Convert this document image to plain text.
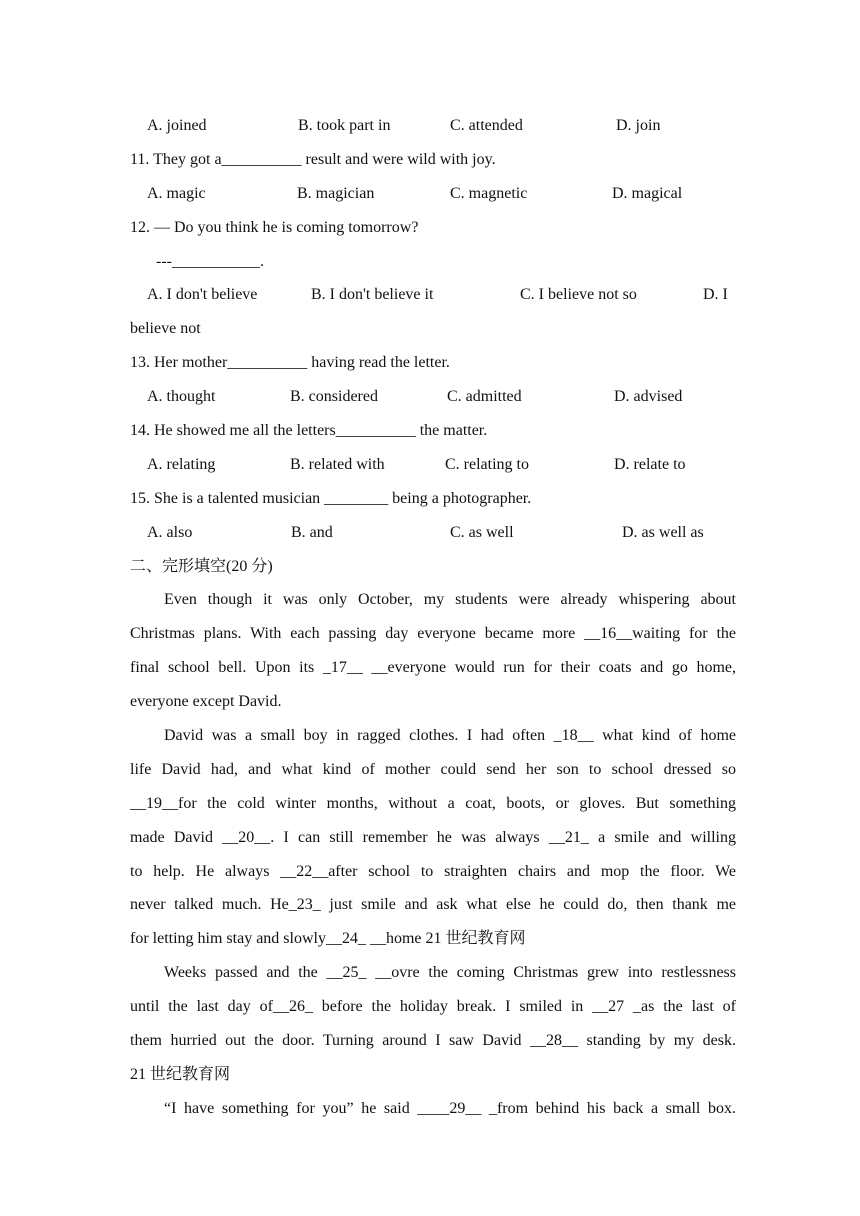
A. joined

	B. took part in

	C. attended

	D. join

11. They got a__________ result and were wild with joy.

A. magic

	B. magician

	C. magnetic

	D. magical

12. — Do you think he is coming tomorrow?
---___________.

A. I don't believe

	B. I don't believe it

	C. I believe not so

	D. I

believe not
13. Her mother__________ having read the letter.

A. thought

	B. considered

	C. admitted

	D. advised

14. He showed me all the letters__________ the matter.

A. relating

	B. related with

	C. relating to

	D. relate to

15. She is a talented musician ________ being a photographer.

A. also

	B. and

	C. as well

	D. as well as

二、完形填空(20 分)
Even though it was only October, my students were already whispering about
Christmas plans. With each passing day everyone became more __16__waiting for the
final school bell. Upon its _17__ __everyone would run for their coats and go home,
everyone except David.
David was a small boy in ragged clothes. I had often _18__ what kind of home
life David had, and what kind of mother could send her son to school dressed so
__19__for the cold winter months, without a coat, boots, or gloves. But something
made David __20__. I can still remember he was always __21_ a smile and willing
to help. He always __22__after school to straighten chairs and mop the floor. We
never talked much. He_23_ just smile and ask what else he could do, then thank me
for letting him stay and slowly__24_ __home 21 世纪教育网
Weeks passed and the __25_ __ovre the coming Christmas grew into restlessness
until the last day of__26_ before the holiday break. I smiled in __27 _as the last of
them hurried out the door. Turning around I saw David __28__ standing by my desk.
21 世纪教育网
“I have something for you” he said ____29__ _from behind his back a small box.
